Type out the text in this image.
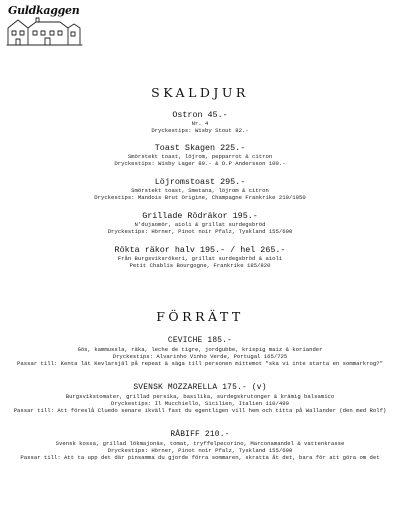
Guldkaggen
SKALDJUR
Ostron 45.-
Nr. 4
Dryckestips: Wisby Stout 82.-
Toast Skagen 225.-
Smörstekt toast, löjrom, pepparrot & citron
Dryckestips: Wisby Lager 80.- & O.P Andersson 100.-
Löjromstoast 295.-
Smörstekt toast, Smetana, löjrom & citron
Dryckestips: Mandois Brut Origine, Champagne Frankrike 210/1050
Grillade Rödräkor 195.-
N'dujaomör, aioli & grillat surdegsbröd
Dryckestips: Hörner, Pinot noir Pfalz, Tyskland 155/690
Rökta räkor halv 195.- / hel 265.-
Från Burgsviksrökeri, grillat surdegsbröd & aioli
Petit Chablis Bourgogne, Frankrike 185/820
FÖRRÄTT
CEVICHE 185.-
Gös, kammussla, räka, leche de tigre, jordgubbe, krispig maiz & koriander
Dryckestips: Alvarinho Vinho Verde, Portugal 165/725
Passar till: Kenta lät Kevlarsjäl på repeat & säga till personen mittemot "ska vi inte starta en sommarkrog?"
SVENSK MOZZARELLA 175.- (v)
Burgsvikstomater, grillad persika, basilika, surdegskrutonger & krämig balsamico
Dryckestips: Il Mucchiello, Sicilien, Italien 110/490
Passar till: Att föreslå Cluedo senare ikväll fast du egentligen vill hem och titta på Wallander (den med Rolf)
RÅBIFF 210.-
Svensk kossa, grillad lökmajonäs, tomat, tryffelpecorino, Marconamandel & vattenkrasse
Dryckestips: Hörner, Pinot noir Pfalz, Tyskland 155/690
Passar till: Att ta upp det där pinsamma du gjorde förra sommaren, skratta åt det, bara för att göra om det
